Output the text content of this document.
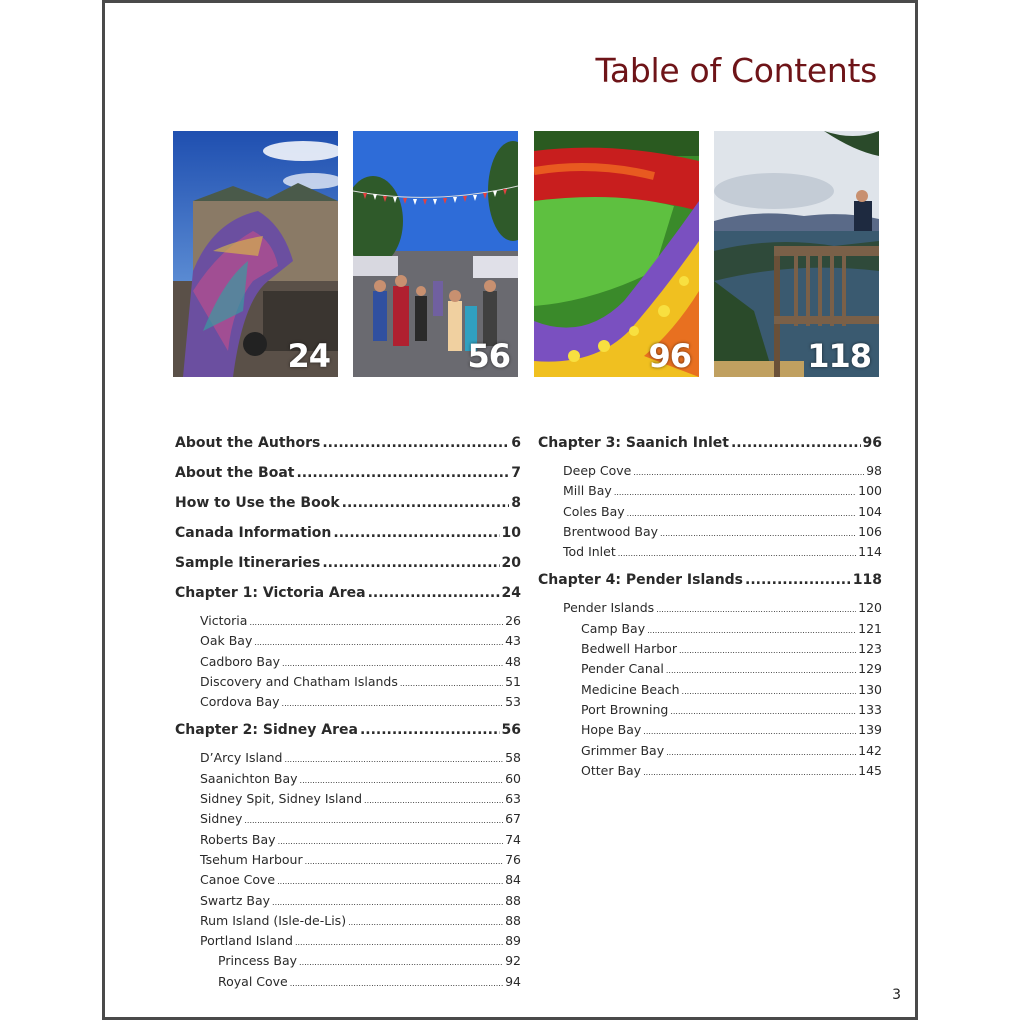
Table of Contents
24	56	96	118
About the Authors .....	6
About the Boat .....	7
How to Use the Book .....	8
Canada Information .....	10
Sample Itineraries .....	20
Chapter 1: Victoria Area .....	24
Victoria .....	26
Oak Bay .....	43
Cadboro Bay .....	48
Discovery and Chatham Islands .....	51
Cordova Bay .....	53
Chapter 2: Sidney Area .....	56
D’Arcy Island .....	58
Saanichton Bay .....	60
Sidney Spit, Sidney Island .....	63
Sidney .....	67
Roberts Bay .....	74
Tsehum Harbour .....	76
Canoe Cove .....	84
Swartz Bay .....	88
Rum Island (Isle-de-Lis) .....	88
Portland Island .....	89
Princess Bay .....	92
Royal Cove .....	94
Chapter 3: Saanich Inlet .....	96
Deep Cove .....	98
Mill Bay .....	100
Coles Bay .....	104
Brentwood Bay .....	106
Tod Inlet .....	114
Chapter 4: Pender Islands .....	118
Pender Islands .....	120
Camp Bay .....	121
Bedwell Harbor .....	123
Pender Canal .....	129
Medicine Beach .....	130
Port Browning .....	133
Hope Bay .....	139
Grimmer Bay .....	142
Otter Bay .....	145
3
